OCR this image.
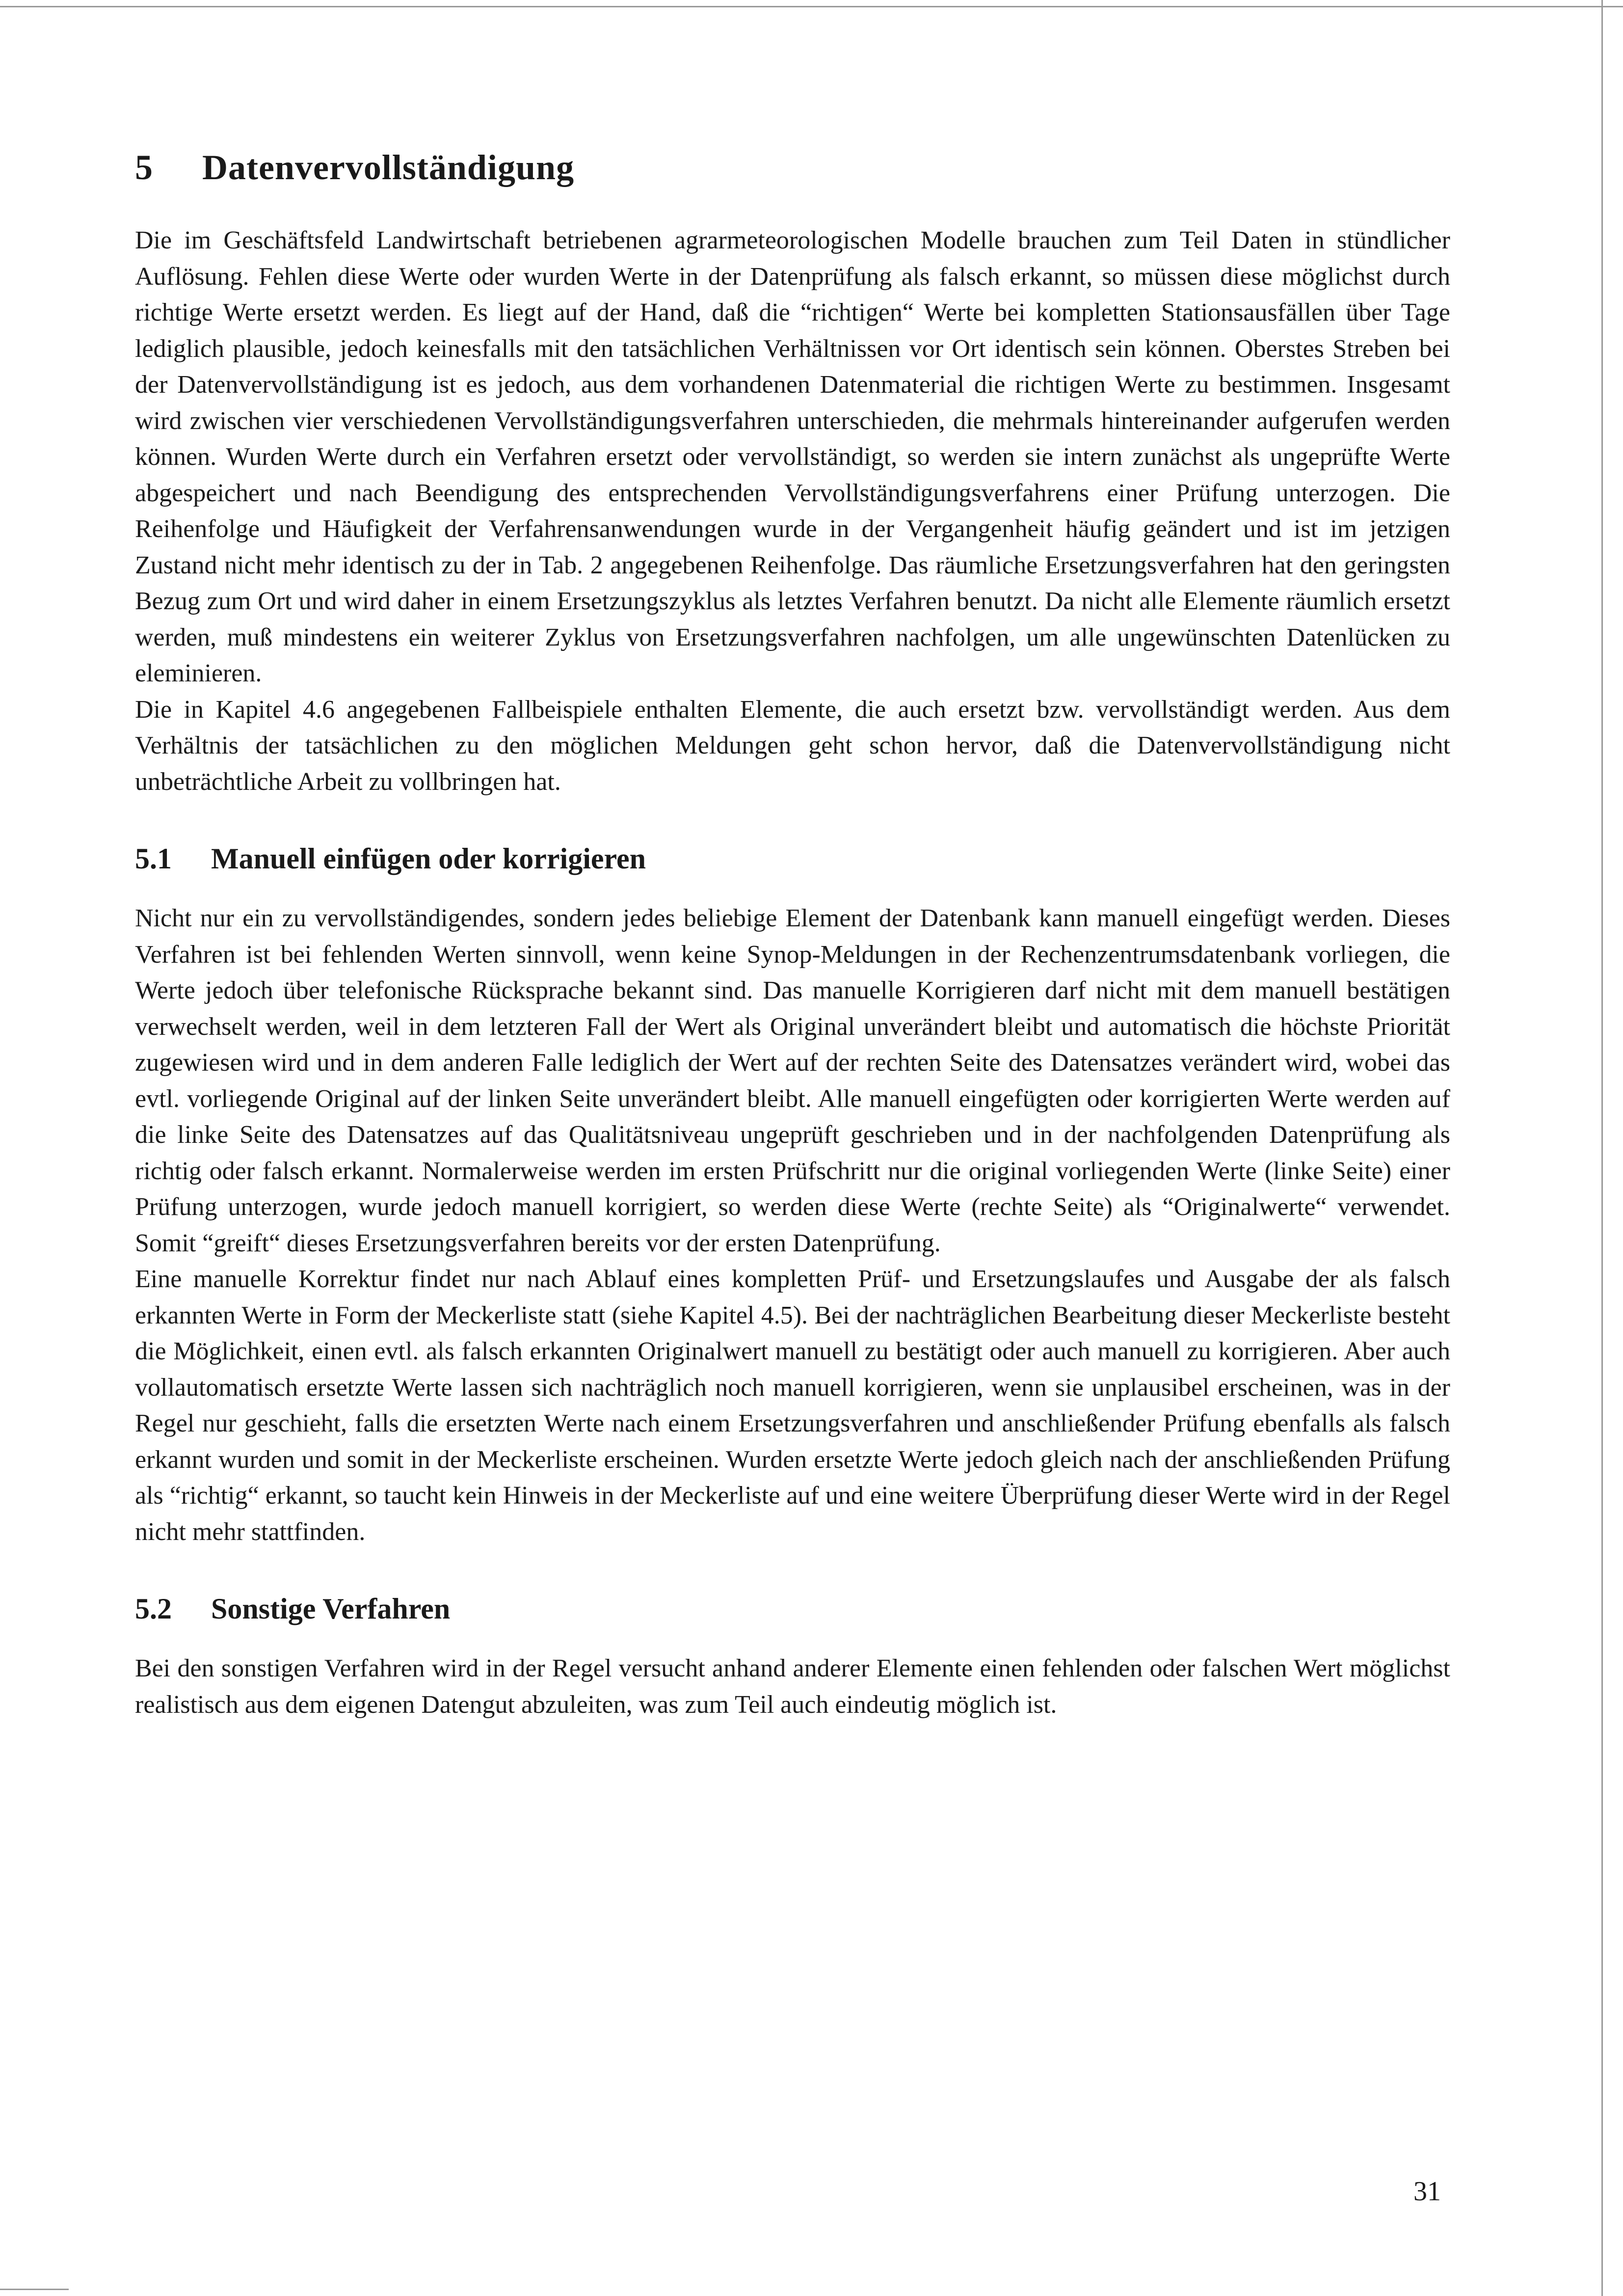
5 Datenvervollständigung

Die im Geschäftsfeld Landwirtschaft betriebenen agrarmeteorologischen Modelle brauchen zum Teil Daten in stündlicher Auflösung. Fehlen diese Werte oder wurden Werte in der Datenprüfung als falsch erkannt, so müssen diese möglichst durch richtige Werte ersetzt werden. Es liegt auf der Hand, daß die “richtigen“ Werte bei kompletten Stationsausfällen über Tage lediglich plausible, jedoch keinesfalls mit den tatsächlichen Verhältnissen vor Ort identisch sein können. Oberstes Streben bei der Datenvervollständigung ist es jedoch, aus dem vorhandenen Datenmaterial die richtigen Werte zu bestimmen. Insgesamt wird zwischen vier verschiedenen Vervollständigungsverfahren unterschieden, die mehrmals hintereinander aufgerufen werden können. Wurden Werte durch ein Verfahren ersetzt oder vervollständigt, so werden sie intern zunächst als ungeprüfte Werte abgespeichert und nach Beendigung des entsprechenden Vervollständigungsverfahrens einer Prüfung unterzogen. Die Reihenfolge und Häufigkeit der Verfahrensanwendungen wurde in der Vergangenheit häufig geändert und ist im jetzigen Zustand nicht mehr identisch zu der in Tab. 2 angegebenen Reihenfolge. Das räumliche Ersetzungsverfahren hat den geringsten Bezug zum Ort und wird daher in einem Ersetzungszyklus als letztes Verfahren benutzt. Da nicht alle Elemente räumlich ersetzt werden, muß mindestens ein weiterer Zyklus von Ersetzungsverfahren nachfolgen, um alle ungewünschten Datenlücken zu eleminieren.

Die in Kapitel 4.6 angegebenen Fallbeispiele enthalten Elemente, die auch ersetzt bzw. vervollständigt werden. Aus dem Verhältnis der tatsächlichen zu den möglichen Meldungen geht schon hervor, daß die Datenvervollständigung nicht unbeträchtliche Arbeit zu vollbringen hat.

5.1 Manuell einfügen oder korrigieren

Nicht nur ein zu vervollständigendes, sondern jedes beliebige Element der Datenbank kann manuell eingefügt werden. Dieses Verfahren ist bei fehlenden Werten sinnvoll, wenn keine Synop-Meldungen in der Rechenzentrumsdatenbank vorliegen, die Werte jedoch über telefonische Rücksprache bekannt sind. Das manuelle Korrigieren darf nicht mit dem manuell bestätigen verwechselt werden, weil in dem letzteren Fall der Wert als Original unverändert bleibt und automatisch die höchste Priorität zugewiesen wird und in dem anderen Falle lediglich der Wert auf der rechten Seite des Datensatzes verändert wird, wobei das evtl. vorliegende Original auf der linken Seite unverändert bleibt. Alle manuell eingefügten oder korrigierten Werte werden auf die linke Seite des Datensatzes auf das Qualitätsniveau ungeprüft geschrieben und in der nachfolgenden Datenprüfung als richtig oder falsch erkannt. Normalerweise werden im ersten Prüfschritt nur die original vorliegenden Werte (linke Seite) einer Prüfung unterzogen, wurde jedoch manuell korrigiert, so werden diese Werte (rechte Seite) als “Originalwerte“ verwendet. Somit “greift“ dieses Ersetzungsverfahren bereits vor der ersten Datenprüfung.

Eine manuelle Korrektur findet nur nach Ablauf eines kompletten Prüf- und Ersetzungslaufes und Ausgabe der als falsch erkannten Werte in Form der Meckerliste statt (siehe Kapitel 4.5). Bei der nachträglichen Bearbeitung dieser Meckerliste besteht die Möglichkeit, einen evtl. als falsch erkannten Originalwert manuell zu bestätigt oder auch manuell zu korrigieren. Aber auch vollautomatisch ersetzte Werte lassen sich nachträglich noch manuell korrigieren, wenn sie unplausibel erscheinen, was in der Regel nur geschieht, falls die ersetzten Werte nach einem Ersetzungsverfahren und anschließender Prüfung ebenfalls als falsch erkannt wurden und somit in der Meckerliste erscheinen. Wurden ersetzte Werte jedoch gleich nach der anschließenden Prüfung als “richtig“ erkannt, so taucht kein Hinweis in der Meckerliste auf und eine weitere Überprüfung dieser Werte wird in der Regel nicht mehr stattfinden.

5.2 Sonstige Verfahren

Bei den sonstigen Verfahren wird in der Regel versucht anhand anderer Elemente einen fehlenden oder falschen Wert möglichst realistisch aus dem eigenen Datengut abzuleiten, was zum Teil auch eindeutig möglich ist.

31
